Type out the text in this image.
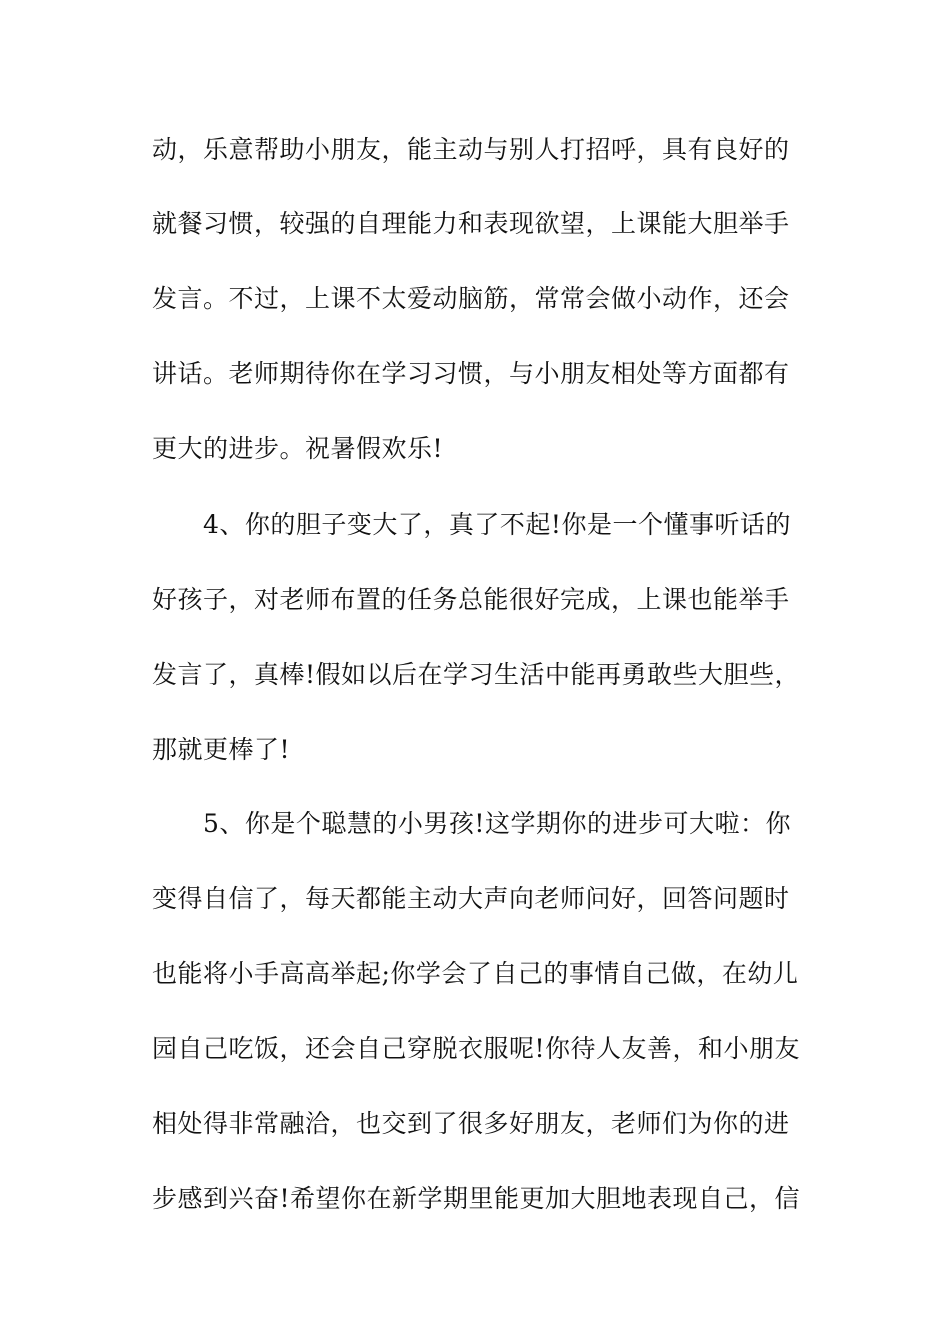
动，乐意帮助小朋友，能主动与别人打招呼，具有良好的
就餐习惯，较强的自理能力和表现欲望，上课能大胆举手
发言。不过，上课不太爱动脑筋，常常会做小动作，还会
讲话。老师期待你在学习习惯，与小朋友相处等方面都有
更大的进步。祝暑假欢乐!
4、你的胆子变大了，真了不起!你是一个懂事听话的
好孩子，对老师布置的任务总能很好完成，上课也能举手
发言了，真棒!假如以后在学习生活中能再勇敢些大胆些，
那就更棒了!
5、你是个聪慧的小男孩!这学期你的进步可大啦：你
变得自信了，每天都能主动大声向老师问好，回答问题时
也能将小手高高举起;你学会了自己的事情自己做，在幼儿
园自己吃饭，还会自己穿脱衣服呢!你待人友善，和小朋友
相处得非常融洽，也交到了很多好朋友，老师们为你的进
步感到兴奋!希望你在新学期里能更加大胆地表现自己，信
